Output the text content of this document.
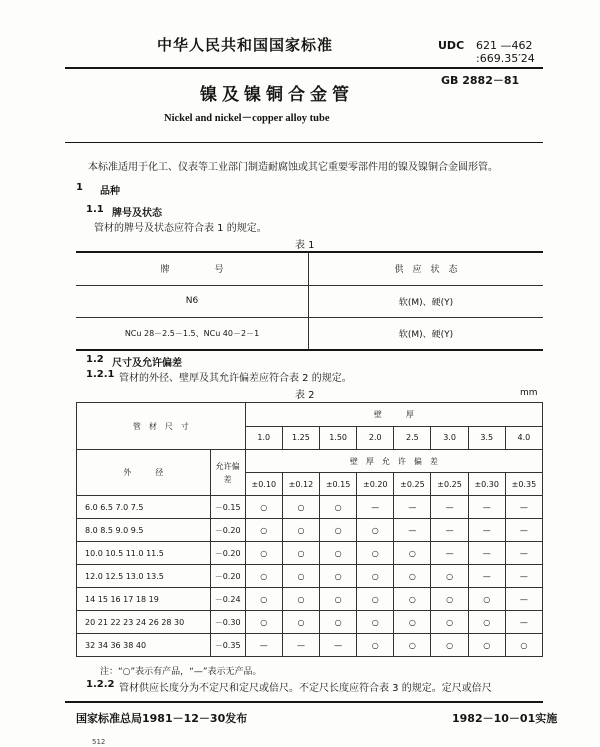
中华人民共和国国家标准	UDC 621 —462
:669.35′24
GB 2882－81
镍及镍铜合金管
Nickel and nickel－copper alloy tube
本标准适用于化工、仪表等工业部门制造耐腐蚀或其它重要零部件用的镍及镍铜合金圆形管。
1 品种
1.1 牌号及状态
管材的牌号及状态应符合表 1 的规定。
表 1
牌　　　　　号	供　应　状　态
N6	软(M)、硬(Y)
NCu 28－2.5－1.5、NCu 40－2－1	软(M)、硬(Y)
1.2 尺寸及允许偏差
1.2.1 管材的外径、壁厚及其允许偏差应符合表 2 的规定。
表 2	mm
管　材　尺　寸		壁　　　厚							
		1.0	1.25	1.50	2.0	2.5	3.0	3.5	4.0
外　　　径	允许偏差	壁　厚　允　许　偏　差							
		±0.10	±0.12	±0.15	±0.20	±0.25	±0.25	±0.30	±0.35
6.0 6.5 7.0 7.5	－0.15	○	○	○	—	—	—	—	—
8.0 8.5 9.0 9.5	－0.20	○	○	○	○	—	—	—	—
10.0 10.5 11.0 11.5	－0.20	○	○	○	○	○	—	—	—
12.0 12.5 13.0 13.5	－0.20	○	○	○	○	○	○	—	—
14 15 16 17 18 19	－0.24	○	○	○	○	○	○	○	—
20 21 22 23 24 26 28 30	－0.30	○	○	○	○	○	○	○	—
32 34 36 38 40	－0.35	—	—	—	○	○	○	○	○
注：“○”表示有产品，“—”表示无产品。
1.2.2 管材供应长度分为不定尺和定尺或倍尺。不定尺长度应符合表 3 的规定。定尺或倍尺
国家标准总局1981－12－30发布	1982－10－01实施
512
